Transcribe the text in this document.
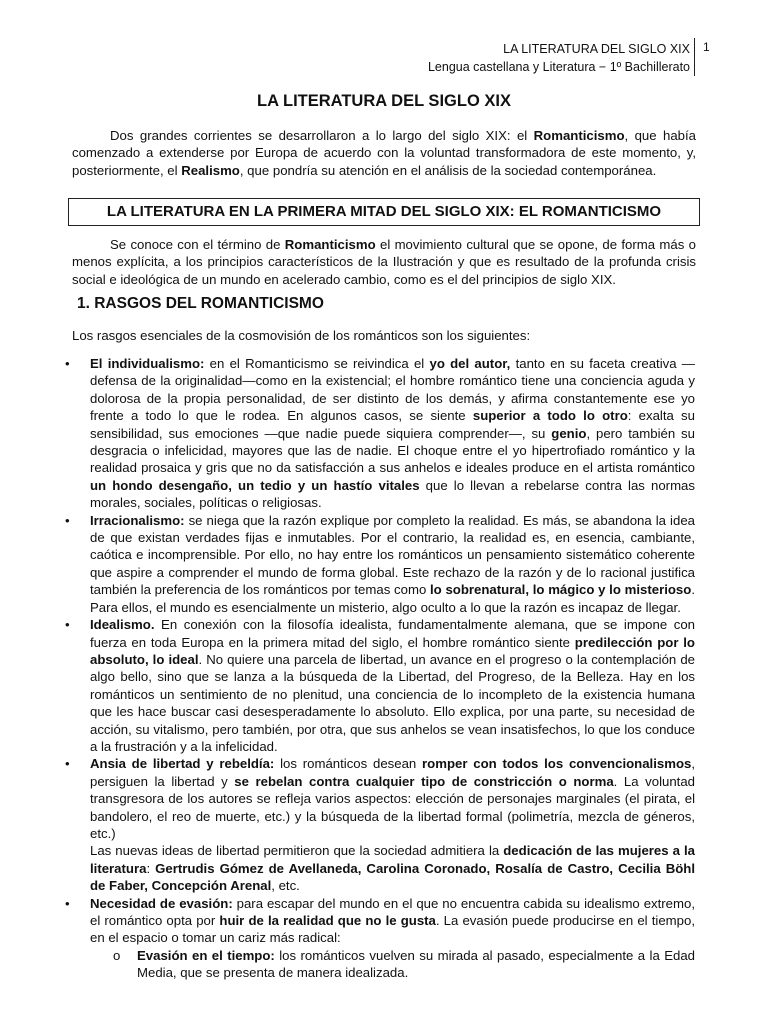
LA LITERATURA DEL SIGLO XIX
Lengua castellana y Literatura − 1º Bachillerato
1
LA LITERATURA DEL SIGLO XIX

Dos grandes corrientes se desarrollaron a lo largo del siglo XIX: el Romanticismo, que había comenzado a extenderse por Europa de acuerdo con la voluntad transformadora de este momento, y, posteriormente, el Realismo, que pondría su atención en el análisis de la sociedad contemporánea.

LA LITERATURA EN LA PRIMERA MITAD DEL SIGLO XIX: EL ROMANTICISMO

Se conoce con el término de Romanticismo el movimiento cultural que se opone, de forma más o menos explícita, a los principios característicos de la Ilustración y que es resultado de la profunda crisis social e ideológica de un mundo en acelerado cambio, como es el del principios de siglo XIX.

1. RASGOS DEL ROMANTICISMO
Los rasgos esenciales de la cosmovisión de los románticos son los siguientes:
• El individualismo: en el Romanticismo se reivindica el yo del autor, tanto en su faceta creativa —defensa de la originalidad—como en la existencial; el hombre romántico tiene una conciencia aguda y dolorosa de la propia personalidad, de ser distinto de los demás, y afirma constantemente ese yo frente a todo lo que le rodea. En algunos casos, se siente superior a todo lo otro: exalta su sensibilidad, sus emociones —que nadie puede siquiera comprender—, su genio, pero también su desgracia o infelicidad, mayores que las de nadie. El choque entre el yo hipertrofiado romántico y la realidad prosaica y gris que no da satisfacción a sus anhelos e ideales produce en el artista romántico un hondo desengaño, un tedio y un hastío vitales que lo llevan a rebelarse contra las normas morales, sociales, políticas o religiosas.

• Irracionalismo: se niega que la razón explique por completo la realidad. Es más, se abandona la idea de que existan verdades fijas e inmutables. Por el contrario, la realidad es, en esencia, cambiante, caótica e incomprensible. Por ello, no hay entre los románticos un pensamiento sistemático coherente que aspire a comprender el mundo de forma global. Este rechazo de la razón y de lo racional justifica también la preferencia de los románticos por temas como lo sobrenatural, lo mágico y lo misterioso. Para ellos, el mundo es esencialmente un misterio, algo oculto a lo que la razón es incapaz de llegar.

• Idealismo. En conexión con la filosofía idealista, fundamentalmente alemana, que se impone con fuerza en toda Europa en la primera mitad del siglo, el hombre romántico siente predilección por lo absoluto, lo ideal. No quiere una parcela de libertad, un avance en el progreso o la contemplación de algo bello, sino que se lanza a la búsqueda de la Libertad, del Progreso, de la Belleza. Hay en los románticos un sentimiento de no plenitud, una conciencia de lo incompleto de la existencia humana que les hace buscar casi desesperadamente lo absoluto. Ello explica, por una parte, su necesidad de acción, su vitalismo, pero también, por otra, que sus anhelos se vean insatisfechos, lo que los conduce a la frustración y a la infelicidad.

• Ansia de libertad y rebeldía: los románticos desean romper con todos los convencionalismos, persiguen la libertad y se rebelan contra cualquier tipo de constricción o norma. La voluntad transgresora de los autores se refleja varios aspectos: elección de personajes marginales (el pirata, el bandolero, el reo de muerte, etc.) y la búsqueda de la libertad formal (polimetría, mezcla de géneros, etc.)

Las nuevas ideas de libertad permitieron que la sociedad admitiera la dedicación de las mujeres a la literatura: Gertrudis Gómez de Avellaneda, Carolina Coronado, Rosalía de Castro, Cecilia Böhl de Faber, Concepción Arenal, etc.

• Necesidad de evasión: para escapar del mundo en el que no encuentra cabida su idealismo extremo, el romántico opta por huir de la realidad que no le gusta. La evasión puede producirse en el tiempo, en el espacio o tomar un cariz más radical:

o Evasión en el tiempo: los románticos vuelven su mirada al pasado, especialmente a la Edad Media, que se presenta de manera idealizada.
